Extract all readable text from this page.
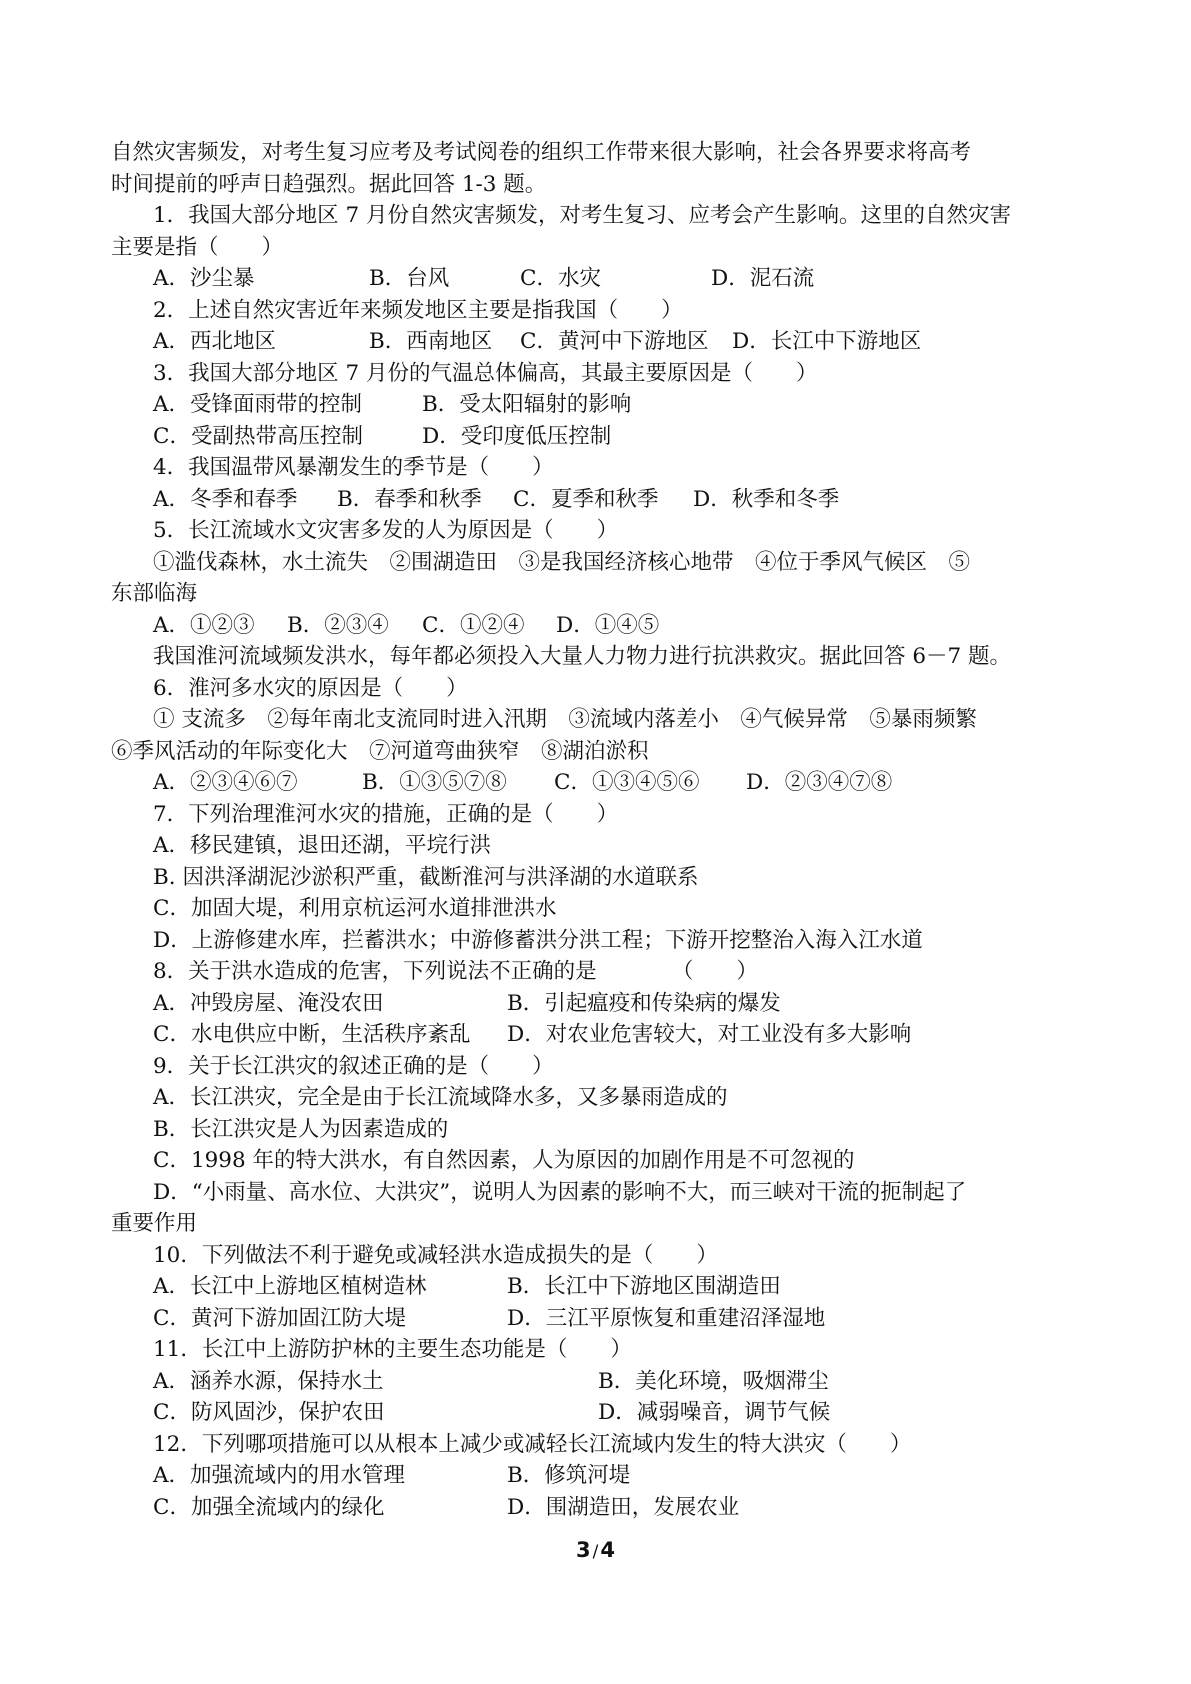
自然灾害频发，对考生复习应考及考试阅卷的组织工作带来很大影响，社会各界要求将高考
时间提前的呼声日趋强烈。据此回答 1-3 题。
1．我国大部分地区 7 月份自然灾害频发，对考生复习、应考会产生影响。这里的自然灾害
主要是指（　　）
A．沙尘暴	B．台风	C．水灾	D．泥石流
2．上述自然灾害近年来频发地区主要是指我国（　　）
A．西北地区	B．西南地区	C．黄河中下游地区	D．长江中下游地区
3．我国大部分地区 7 月份的气温总体偏高，其最主要原因是（　　）
A．受锋面雨带的控制	B．受太阳辐射的影响
C．受副热带高压控制	D．受印度低压控制
4．我国温带风暴潮发生的季节是（　　）
A．冬季和春季	B．春季和秋季	C．夏季和秋季	D．秋季和冬季
5．长江流域水文灾害多发的人为原因是（　　）
①滥伐森林，水土流失　②围湖造田　③是我国经济核心地带　④位于季风气候区　⑤
东部临海
A．①②③	B．②③④	C．①②④	D．①④⑤
我国淮河流域频发洪水，每年都必须投入大量人力物力进行抗洪救灾。据此回答 6－7 题。
6．淮河多水灾的原因是（　　）
① 支流多　②每年南北支流同时进入汛期　③流域内落差小　④气候异常　⑤暴雨频繁
⑥季风活动的年际变化大　⑦河道弯曲狭窄　⑧湖泊淤积
A．②③④⑥⑦	B．①③⑤⑦⑧	C．①③④⑤⑥	D．②③④⑦⑧
7．下列治理淮河水灾的措施，正确的是（　　）
A．移民建镇，退田还湖，平垸行洪
B. 因洪泽湖泥沙淤积严重，截断淮河与洪泽湖的水道联系
C．加固大堤，利用京杭运河水道排泄洪水
D．上游修建水库，拦蓄洪水；中游修蓄洪分洪工程；下游开挖整治入海入江水道
8．关于洪水造成的危害，下列说法不正确的是　　　　（　　）
A．冲毁房屋、淹没农田	B．引起瘟疫和传染病的爆发
C．水电供应中断，生活秩序紊乱	D．对农业危害较大，对工业没有多大影响
9．关于长江洪灾的叙述正确的是（　　）
A．长江洪灾，完全是由于长江流域降水多，又多暴雨造成的
B．长江洪灾是人为因素造成的
C．1998 年的特大洪水，有自然因素，人为原因的加剧作用是不可忽视的
D．“小雨量、高水位、大洪灾”，说明人为因素的影响不大，而三峡对干流的扼制起了
重要作用
10．下列做法不利于避免或减轻洪水造成损失的是（　　）
A．长江中上游地区植树造林	B．长江中下游地区围湖造田
C．黄河下游加固江防大堤	D．三江平原恢复和重建沼泽湿地
11．长江中上游防护林的主要生态功能是（　　）
A．涵养水源，保持水土	B．美化环境，吸烟滞尘
C．防风固沙，保护农田	D．减弱噪音，调节气候
12．下列哪项措施可以从根本上减少或减轻长江流域内发生的特大洪灾（　　）
A．加强流域内的用水管理	B．修筑河堤
C．加强全流域内的绿化	D．围湖造田，发展农业
3 /4
